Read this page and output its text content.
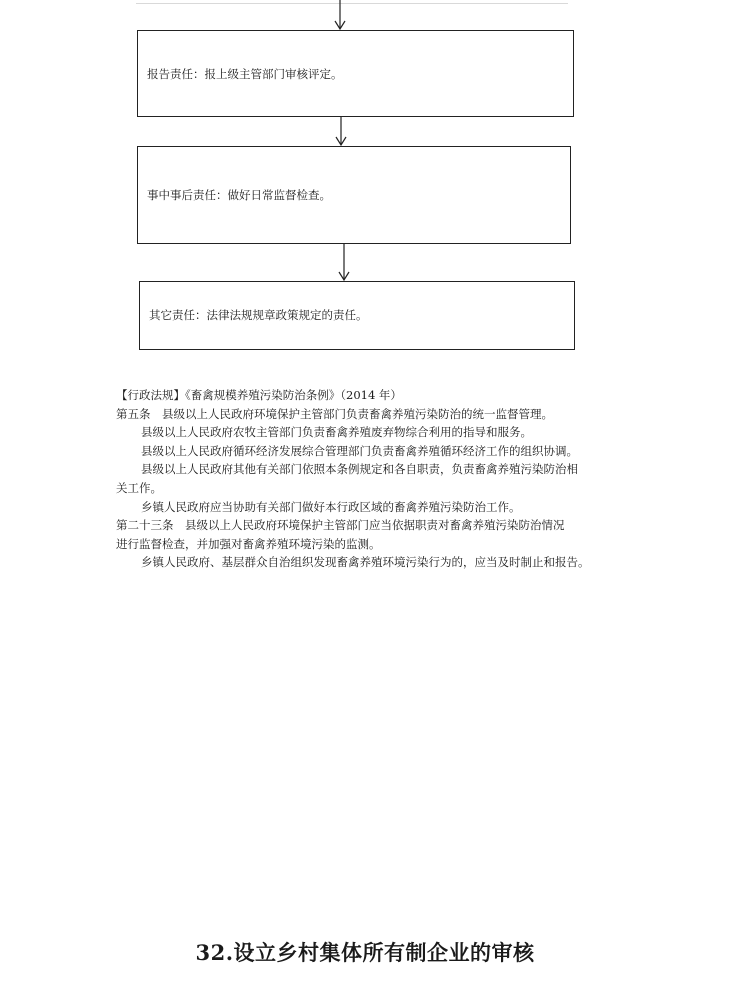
报告责任：报上级主管部门审核评定。
事中事后责任：做好日常监督检查。
其它责任：法律法规规章政策规定的责任。
【行政法规】《畜禽规模养殖污染防治条例》（2014 年）
第五条　县级以上人民政府环境保护主管部门负责畜禽养殖污染防治的统一监督管理。
县级以上人民政府农牧主管部门负责畜禽养殖废弃物综合利用的指导和服务。
县级以上人民政府循环经济发展综合管理部门负责畜禽养殖循环经济工作的组织协调。
县级以上人民政府其他有关部门依照本条例规定和各自职责，负责畜禽养殖污染防治相
关工作。
乡镇人民政府应当协助有关部门做好本行政区域的畜禽养殖污染防治工作。
第二十三条　县级以上人民政府环境保护主管部门应当依据职责对畜禽养殖污染防治情况
进行监督检查，并加强对畜禽养殖环境污染的监测。
乡镇人民政府、基层群众自治组织发现畜禽养殖环境污染行为的，应当及时制止和报告。
32.设立乡村集体所有制企业的审核
